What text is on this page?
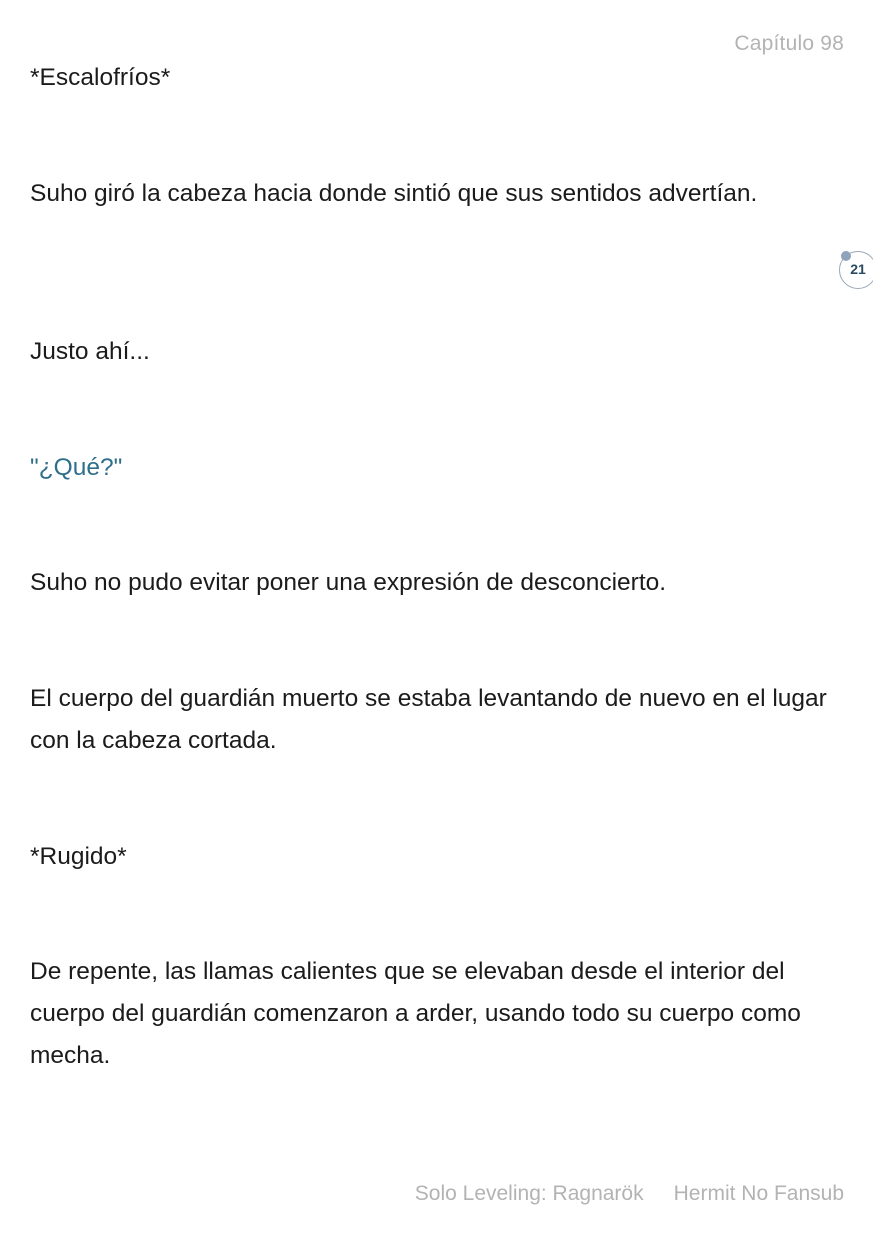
Capítulo 98

*Escalofríos*

Suho giró la cabeza hacia donde sintió que sus sentidos advertían.

21

Justo ahí...

"¿Qué?"

Suho no pudo evitar poner una expresión de desconcierto.

El cuerpo del guardián muerto se estaba levantando de nuevo en el lugar con la cabeza cortada.

*Rugido*

De repente, las llamas calientes que se elevaban desde el interior del cuerpo del guardián comenzaron a arder, usando todo su cuerpo como mecha.

Solo Leveling: Ragnarök Hermit No Fansub
